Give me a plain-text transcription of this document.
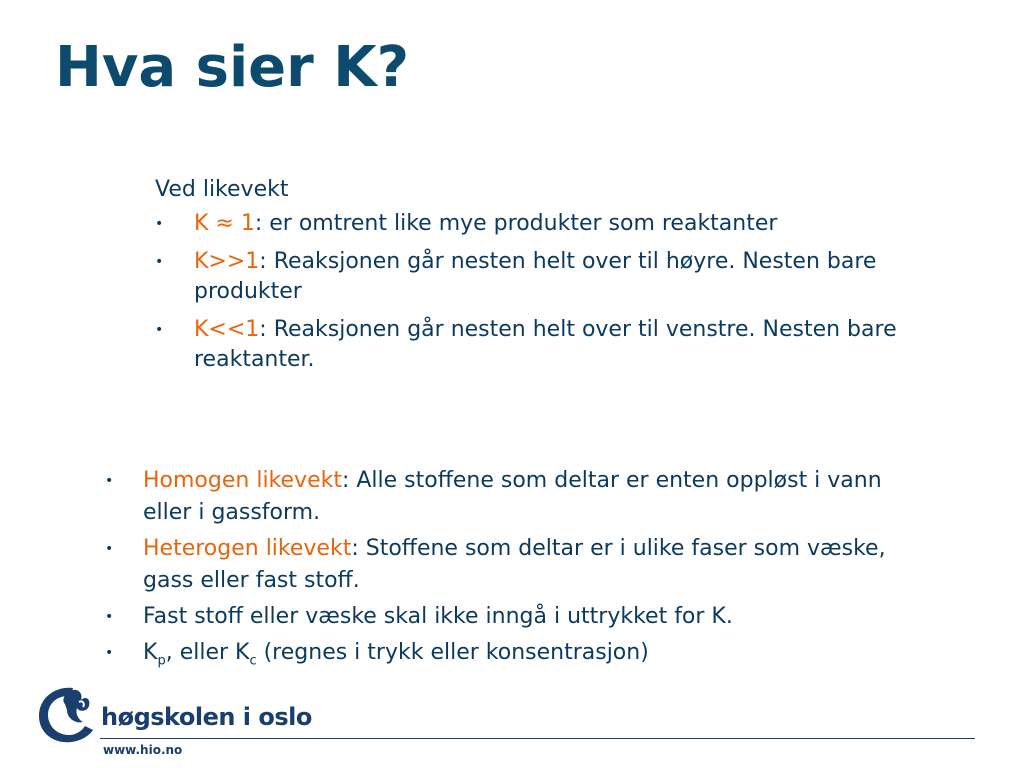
Hva sier K?

Ved likevekt

• K ≈ 1: er omtrent like mye produkter som reaktanter
• K>>1: Reaksjonen går nesten helt over til høyre. Nesten bare produkter
• K<<1: Reaksjonen går nesten helt over til venstre. Nesten bare reaktanter.
• Homogen likevekt: Alle stoffene som deltar er enten oppløst i vann eller i gassform.
• Heterogen likevekt: Stoffene som deltar er i ulike faser som væske, gass eller fast stoff.
• Fast stoff eller væske skal ikke inngå i uttrykket for K.
• $K_p$, eller $K_c$ (regnes i trykk eller konsentrasjon)
høgskolen i oslo
www.hio.no
